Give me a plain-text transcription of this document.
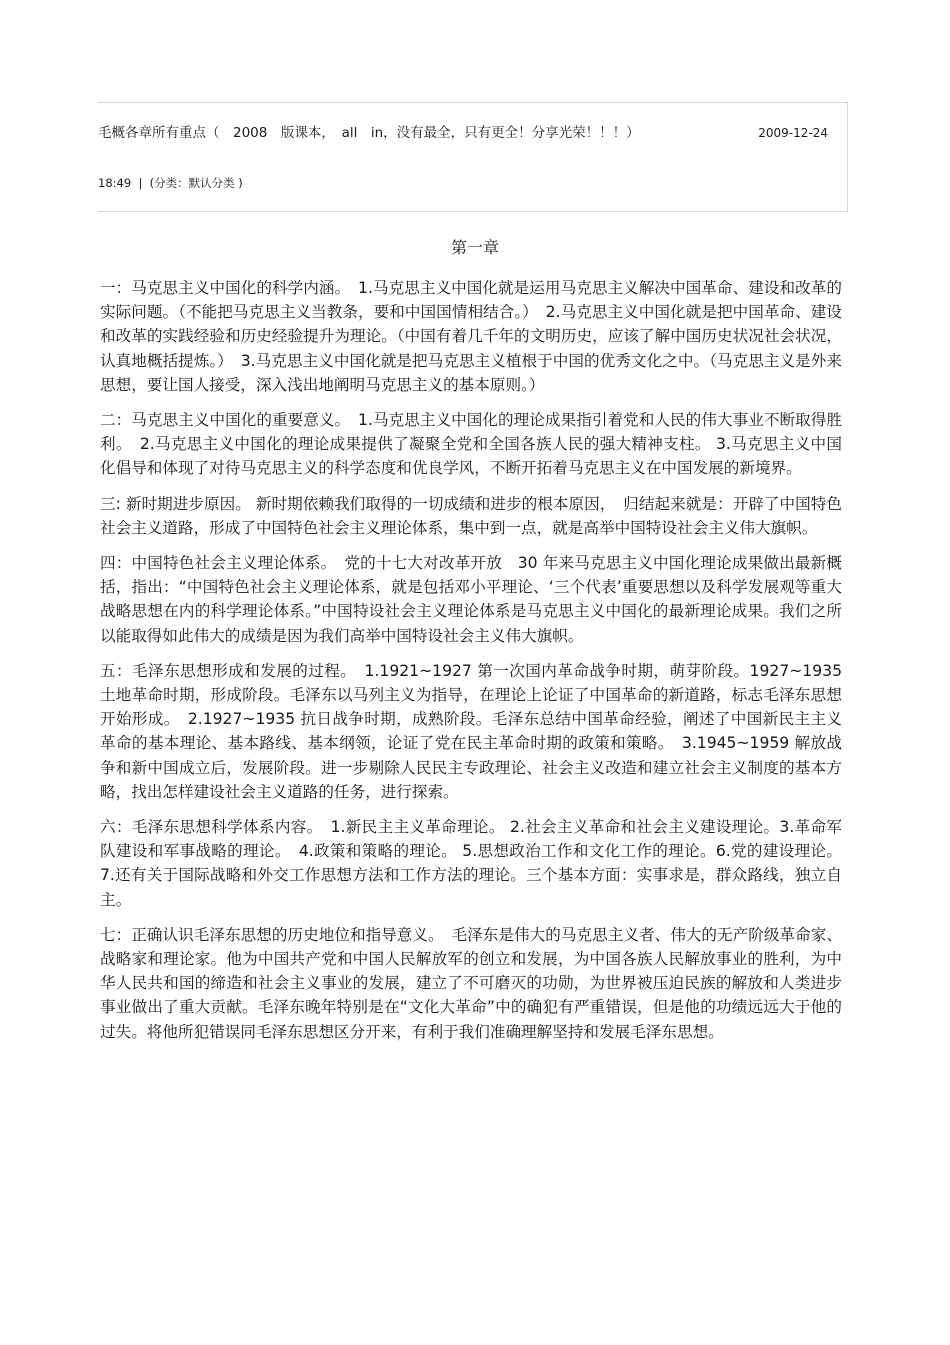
毛概各章所有重点（　2008　版课本，　all　in，没有最全，只有更全！分享光荣！！！）	2009-12-24
18:49 | (分类：默认分类 )
第一章

一：马克思主义中国化的科学内涵。　1.马克思主义中国化就是运用马克思主义解决中国革命、建设和改革的实际问题。（不能把马克思主义当教条，要和中国国情相结合。）　2.马克思主义中国化就是把中国革命、建设和改革的实践经验和历史经验提升为理论。（中国有着几千年的文明历史，应该了解中国历史状况社会状况，认真地概括提炼。）　3.马克思主义中国化就是把马克思主义植根于中国的优秀文化之中。（马克思主义是外来思想，要让国人接受，深入浅出地阐明马克思主义的基本原则。）

二：马克思主义中国化的重要意义。　1.马克思主义中国化的理论成果指引着党和人民的伟大事业不断取得胜利。　2.马克思主义中国化的理论成果提供了凝聚全党和全国各族人民的强大精神支柱。 3.马克思主义中国化倡导和体现了对待马克思主义的科学态度和优良学风，不断开拓着马克思主义在中国发展的新境界。

三: 新时期进步原因。 新时期依赖我们取得的一切成绩和进步的根本原因，　归结起来就是：开辟了中国特色社会主义道路，形成了中国特色社会主义理论体系，集中到一点，就是高举中国特设社会主义伟大旗帜。

四：中国特色社会主义理论体系。　党的十七大对改革开放　30 年来马克思主义中国化理论成果做出最新概括，指出：“中国特色社会主义理论体系，就是包括邓小平理论、‘三个代表’重要思想以及科学发展观等重大战略思想在内的科学理论体系。”中国特设社会主义理论体系是马克思主义中国化的最新理论成果。我们之所以能取得如此伟大的成绩是因为我们高举中国特设社会主义伟大旗帜。

五：毛泽东思想形成和发展的过程。　1.1921~1927 第一次国内革命战争时期，萌芽阶段。1927~1935 土地革命时期，形成阶段。毛泽东以马列主义为指导，在理论上论证了中国革命的新道路，标志毛泽东思想开始形成。　2.1927~1935 抗日战争时期，成熟阶段。毛泽东总结中国革命经验，阐述了中国新民主主义革命的基本理论、基本路线、基本纲领，论证了党在民主革命时期的政策和策略。　3.1945~1959 解放战争和新中国成立后，发展阶段。进一步剔除人民民主专政理论、社会主义改造和建立社会主义制度的基本方略，找出怎样建设社会主义道路的任务，进行探索。

六：毛泽东思想科学体系内容。　1.新民主主义革命理论。 2.社会主义革命和社会主义建设理论。3.革命军队建设和军事战略的理论。　4.政策和策略的理论。 5.思想政治工作和文化工作的理论。6.党的建设理论。 7.还有关于国际战略和外交工作思想方法和工作方法的理论。三个基本方面：实事求是，群众路线，独立自主。

七：正确认识毛泽东思想的历史地位和指导意义。　毛泽东是伟大的马克思主义者、伟大的无产阶级革命家、战略家和理论家。他为中国共产党和中国人民解放军的创立和发展，为中国各族人民解放事业的胜利，为中华人民共和国的缔造和社会主义事业的发展，建立了不可磨灭的功勋，为世界被压迫民族的解放和人类进步事业做出了重大贡献。毛泽东晚年特别是在“文化大革命”中的确犯有严重错误，但是他的功绩远远大于他的过失。将他所犯错误同毛泽东思想区分开来，有利于我们准确理解坚持和发展毛泽东思想。
